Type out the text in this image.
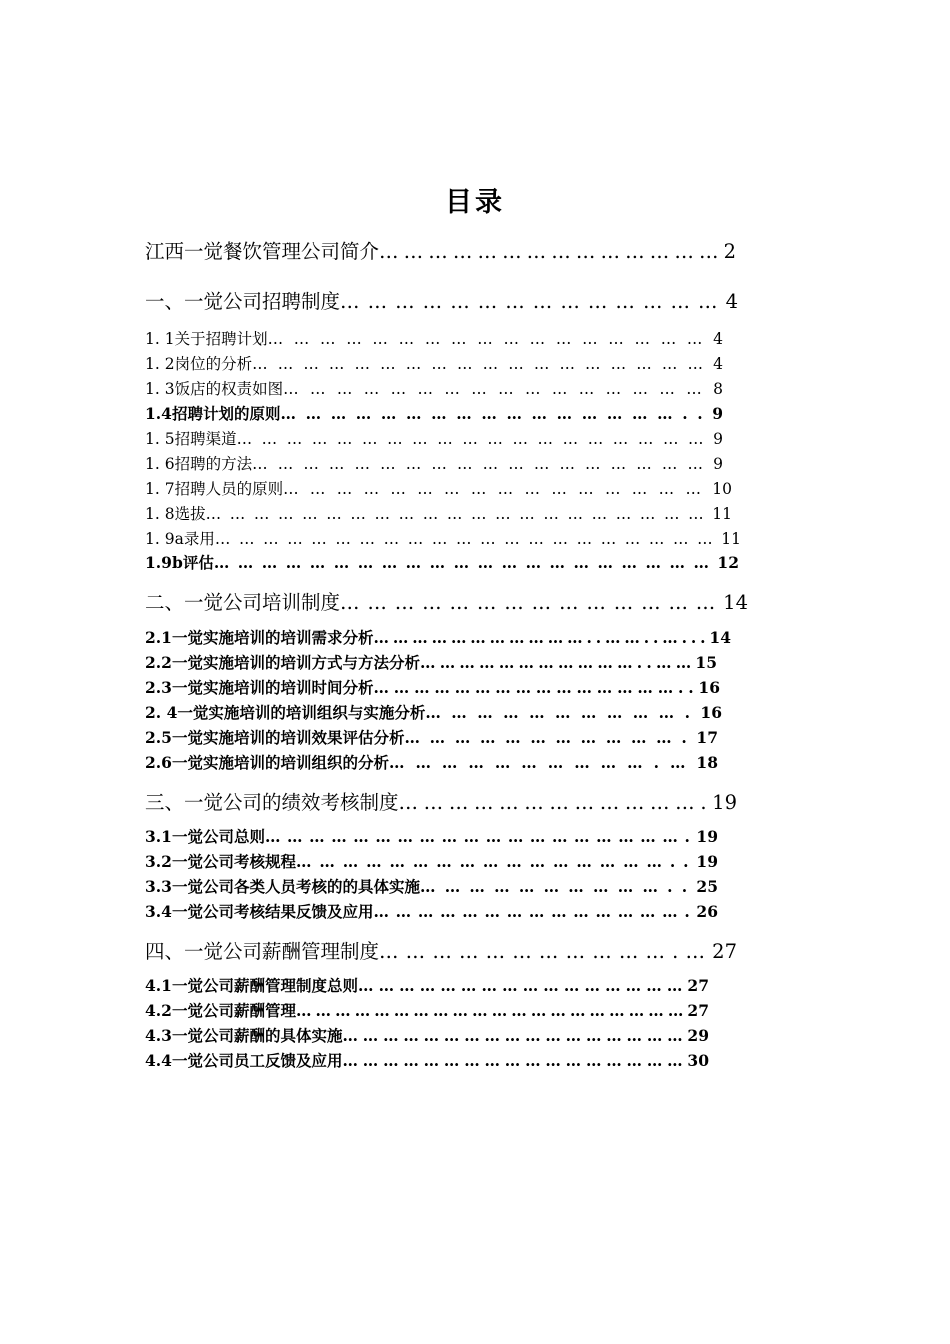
目录
江西一觉餐饮管理公司简介 …………………………………… 2
一、 一觉公司招聘制度 …………………………………… 4
1. 1 关于招聘计划 …………………………………………… 4
1. 2 岗位的分析 ……………………………………………… 4
1. 3 饭店的权责如图 ………………………………………… 8
1.4 招聘计划的原则 ………………………………………….. 9
1. 5 招聘渠道 ………………………………………………… 9
1. 6 招聘的方法 ……………………………………………… 9
1. 7 招聘人员的原则 ………………………………………… 10
1. 8 选拔 ……………………………………………………… 11
1. 9a 录用 ……………………………………………………… 11
1.9b 评估 ……………………………………………………… 12
二、 一觉公司培训制度 …………………………………… 14
2.1 一觉实施培训的培训需求分析 ……………………………..……..…... 14
2.2 一觉实施培训的培训方式与方法分析 ……………………………..…… 15
2.3 一觉实施培训的培训时间分析 ……………………………………….. 16
2. 4 一觉实施培训的培训组织与实施分析 …………………………. 16
2.5 一觉实施培训的培训效果评估分析 ……………………………. 17
2.6 一觉实施培训的培训组织的分析 ………………………….… 18
三、 一觉公司的绩效考核制度 ………………………………. 19
3.1 一觉公司总则 …………………………………………………. 19
3.2 一觉公司考核规程 ………………………………………….. 19
3.3 一觉公司各类人员考核的的具体实施 ………………………….. 25
3.4 一觉公司考核结果反馈及应用 ……………………………………. 26
四、 一觉公司薪酬管理制度 …………………………….… 27
4.1 一觉公司薪酬管理制度总则 ………………………………………… 27
4.2 一觉公司薪酬管理 …………………………………………………… 27
4.3 一觉公司薪酬的具体实施 …………………………………………… 29
4.4 一觉公司员工反馈及应用 …………………………………………… 30
